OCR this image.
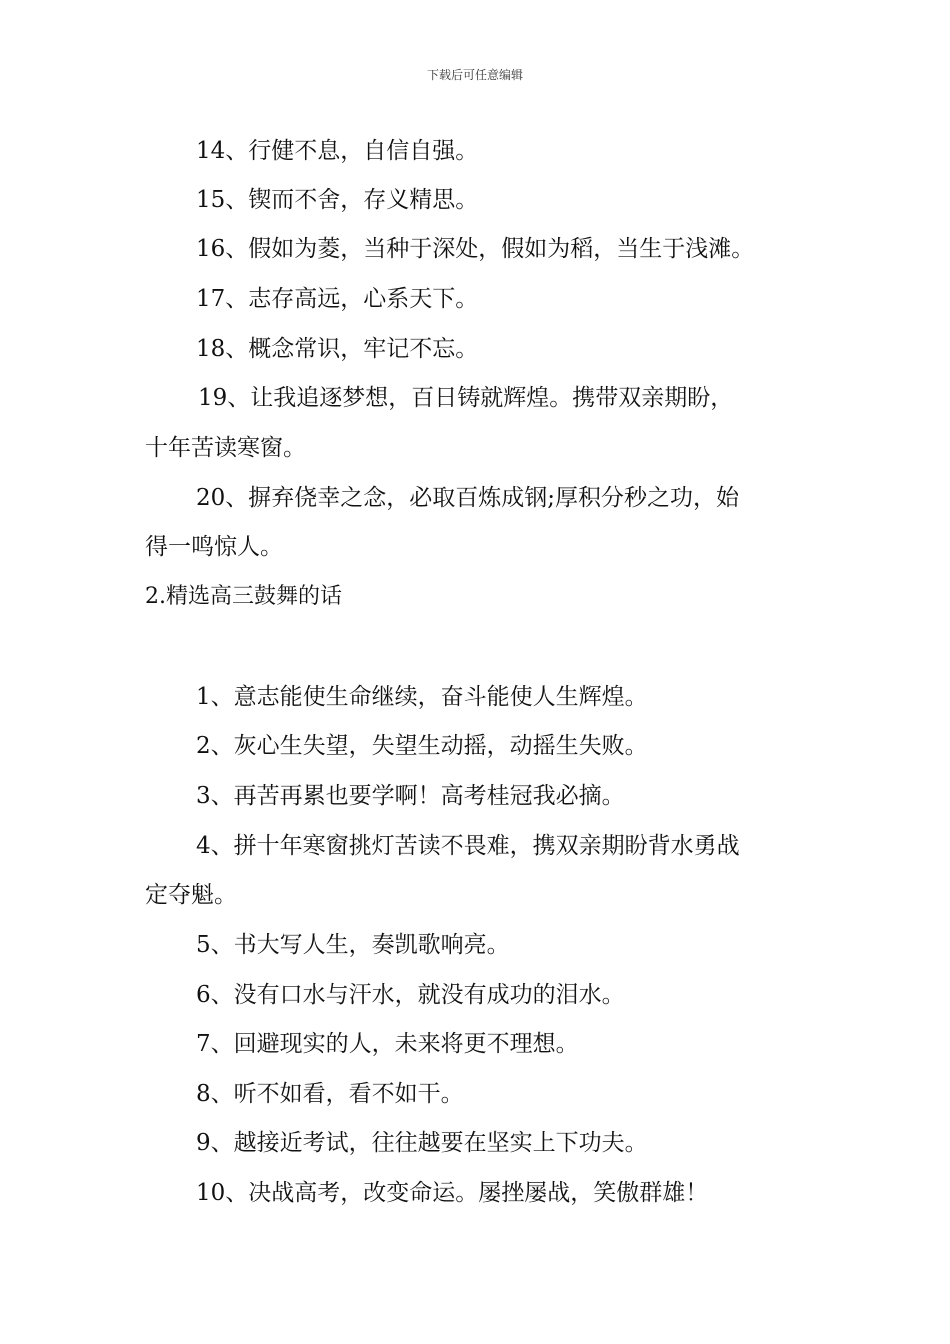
下载后可任意编辑
14、行健不息，自信自强。
15、锲而不舍，存义精思。
16、假如为菱，当种于深处，假如为稻，当生于浅滩。
17、志存高远，心系天下。
18、概念常识，牢记不忘。
19、让我追逐梦想，百日铸就辉煌。携带双亲期盼，
十年苦读寒窗。
20、摒弃侥幸之念，必取百炼成钢;厚积分秒之功，始
得一鸣惊人。
2.精选高三鼓舞的话
1、意志能使生命继续，奋斗能使人生辉煌。
2、灰心生失望，失望生动摇，动摇生失败。
3、再苦再累也要学啊！高考桂冠我必摘。
4、拼十年寒窗挑灯苦读不畏难，携双亲期盼背水勇战
定夺魁。
5、书大写人生，奏凯歌响亮。
6、没有口水与汗水，就没有成功的泪水。
7、回避现实的人，未来将更不理想。
8、听不如看，看不如干。
9、越接近考试，往往越要在坚实上下功夫。
10、决战高考，改变命运。屡挫屡战，笑傲群雄！
